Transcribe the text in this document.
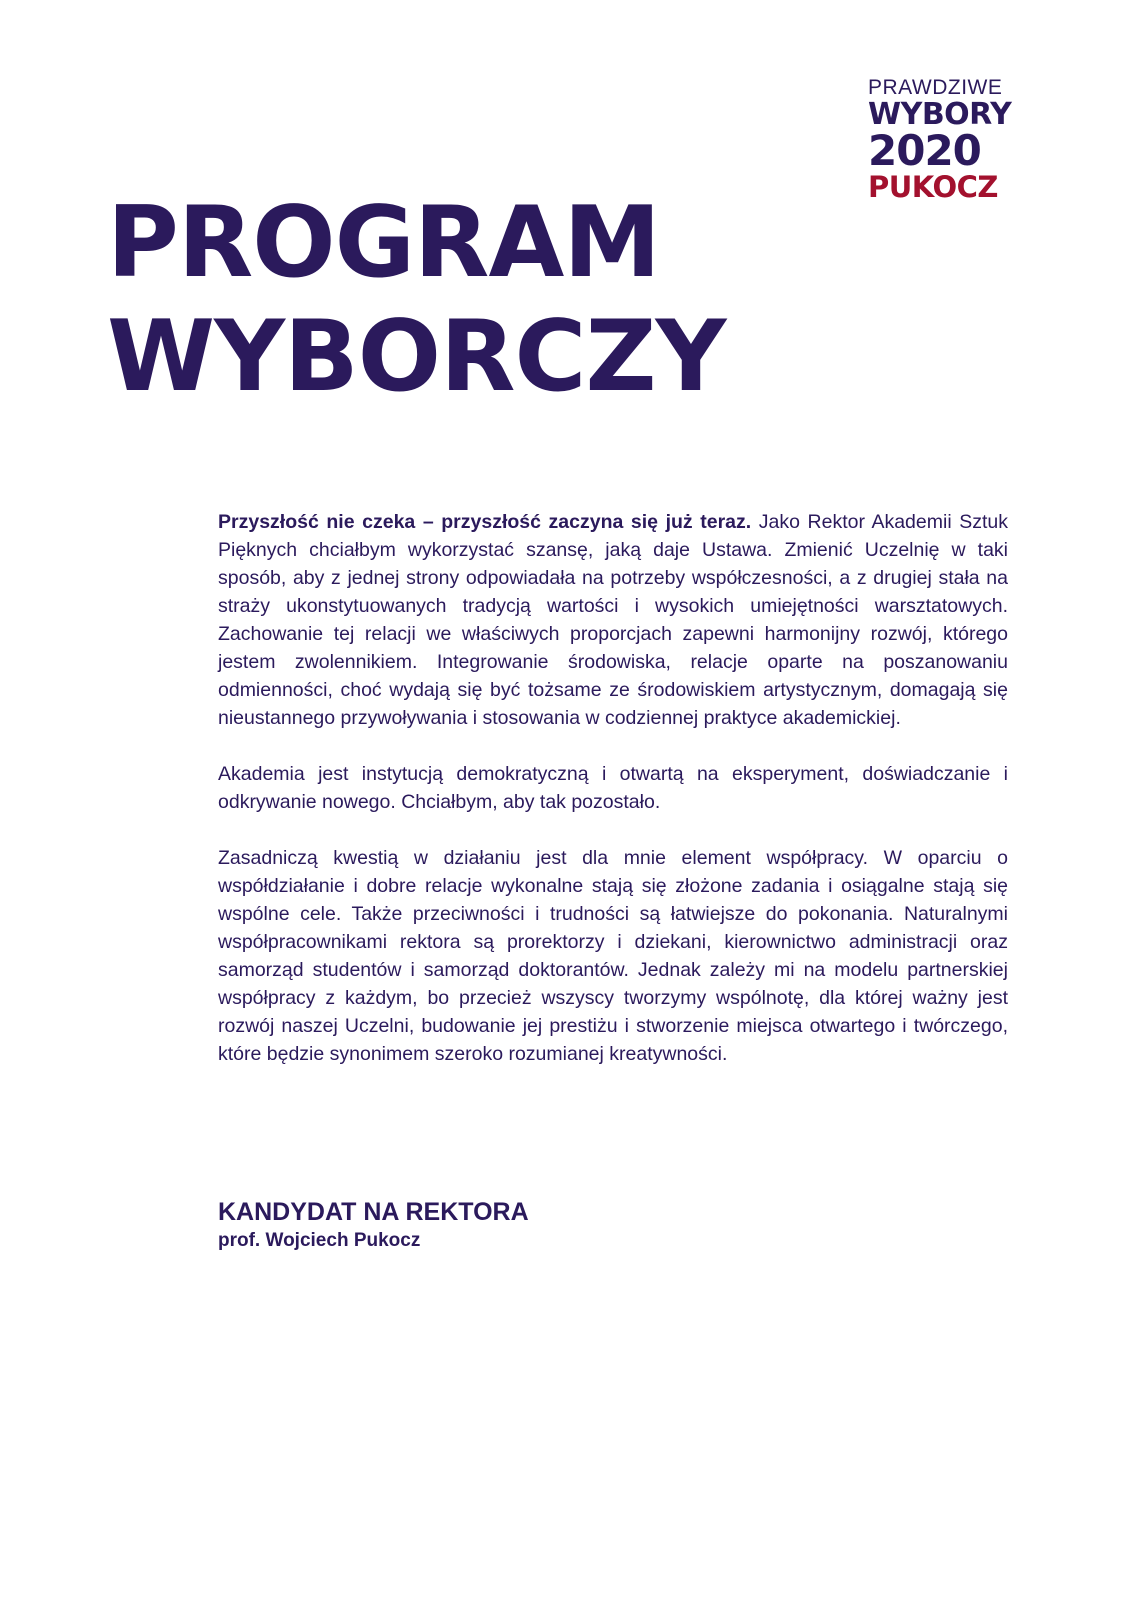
PRAWDZIWE
WYBORY
2020
PUKOCZ
PROGRAM
WYBORCZY

Przyszłość nie czeka – przyszłość zaczyna się już teraz. Jako Rektor Akademii Sztuk Pięknych chciałbym wykorzystać szansę, jaką daje Ustawa. Zmienić Uczelnię w taki sposób, aby z jednej strony odpowiadała na potrzeby współczesności, a z drugiej stała na straży ukonstytuowanych tradycją wartości i wysokich umiejętności warsztatowych. Zachowanie tej relacji we właściwych proporcjach zapewni harmonijny rozwój, którego jestem zwolennikiem. Integrowanie środowiska, relacje oparte na poszanowaniu odmienności, choć wydają się być tożsame ze środowiskiem artystycznym, domagają się nieustannego przywoływania i stosowania w codziennej praktyce akademickiej.

Akademia jest instytucją demokratyczną i otwartą na eksperyment, doświadczanie i odkrywanie nowego. Chciałbym, aby tak pozostało.

Zasadniczą kwestią w działaniu jest dla mnie element współpracy. W oparciu o współdziałanie i dobre relacje wykonalne stają się złożone zadania i osiągalne stają się wspólne cele. Także przeciwności i trudności są łatwiejsze do pokonania. Naturalnymi współpracownikami rektora są prorektorzy i dziekani, kierownictwo administracji oraz samorząd studentów i samorząd doktorantów. Jednak zależy mi na modelu partnerskiej współpracy z każdym, bo przecież wszyscy tworzymy wspólnotę, dla której ważny jest rozwój naszej Uczelni, budowanie jej prestiżu i stworzenie miejsca otwartego i twórczego, które będzie synonimem szeroko rozumianej kreatywności.

KANDYDAT NA REKTORA
prof. Wojciech Pukocz
